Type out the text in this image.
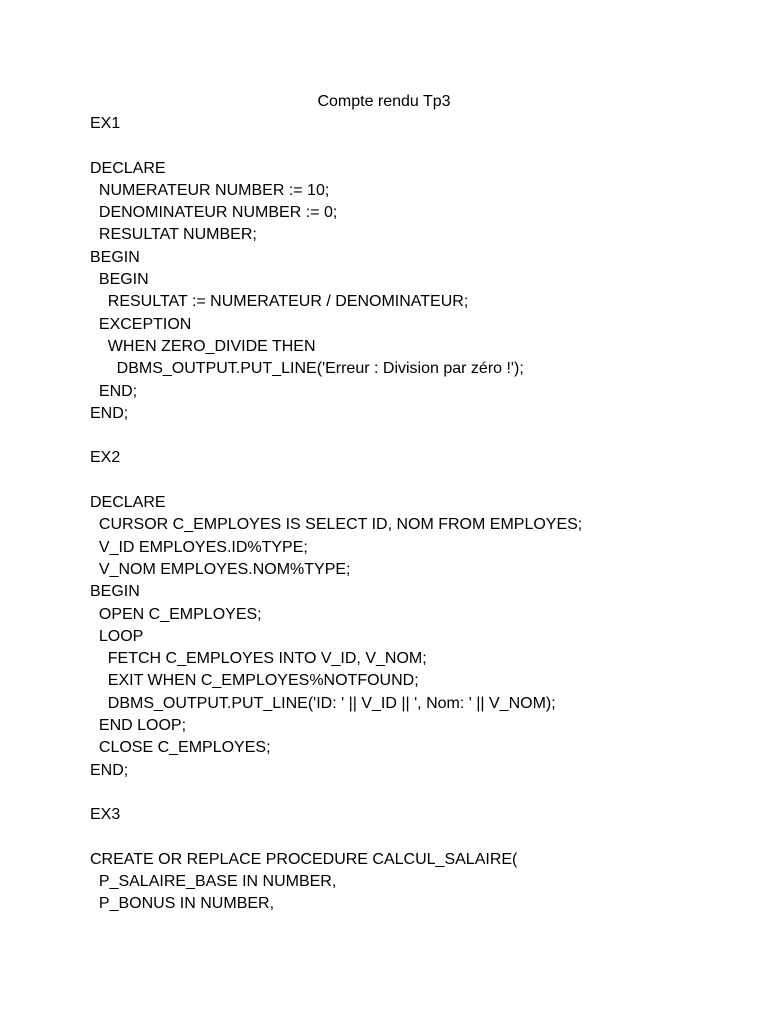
Compte rendu Tp3
EX1
DECLARE
NUMERATEUR NUMBER := 10;
DENOMINATEUR NUMBER := 0;
RESULTAT NUMBER;
BEGIN
BEGIN
RESULTAT := NUMERATEUR / DENOMINATEUR;
EXCEPTION
WHEN ZERO_DIVIDE THEN
DBMS_OUTPUT.PUT_LINE('Erreur : Division par zéro !');
END;
END;
EX2
DECLARE
CURSOR C_EMPLOYES IS SELECT ID, NOM FROM EMPLOYES;
V_ID EMPLOYES.ID%TYPE;
V_NOM EMPLOYES.NOM%TYPE;
BEGIN
OPEN C_EMPLOYES;
LOOP
FETCH C_EMPLOYES INTO V_ID, V_NOM;
EXIT WHEN C_EMPLOYES%NOTFOUND;
DBMS_OUTPUT.PUT_LINE('ID: ' || V_ID || ', Nom: ' || V_NOM);
END LOOP;
CLOSE C_EMPLOYES;
END;
EX3
CREATE OR REPLACE PROCEDURE CALCUL_SALAIRE(
P_SALAIRE_BASE IN NUMBER,
P_BONUS IN NUMBER,
